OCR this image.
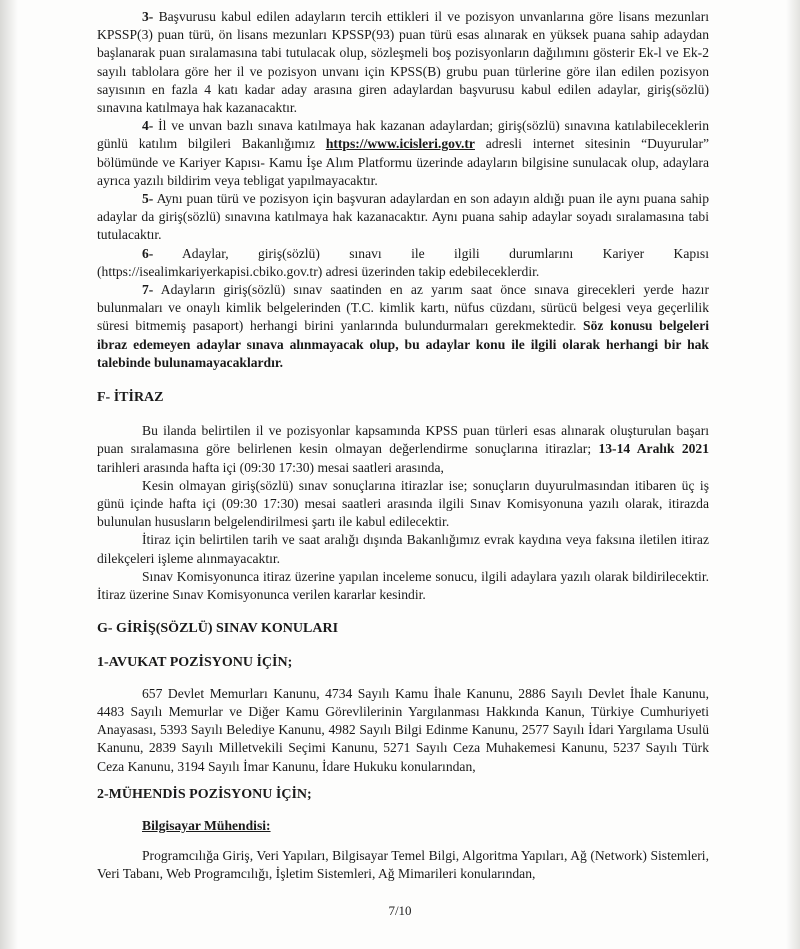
3- Başvurusu kabul edilen adayların tercih ettikleri il ve pozisyon unvanlarına göre lisans mezunları KPSSP(3) puan türü, ön lisans mezunları KPSSP(93) puan türü esas alınarak en yüksek puana sahip adaydan başlanarak puan sıralamasına tabi tutulacak olup, sözleşmeli boş pozisyonların dağılımını gösterir Ek-l ve Ek-2 sayılı tablolara göre her il ve pozisyon unvanı için KPSS(B) grubu puan türlerine göre ilan edilen pozisyon sayısının en fazla 4 katı kadar aday arasına giren adaylardan başvurusu kabul edilen adaylar, giriş(sözlü) sınavına katılmaya hak kazanacaktır.

4- İl ve unvan bazlı sınava katılmaya hak kazanan adaylardan; giriş(sözlü) sınavına katılabileceklerin günlü katılım bilgileri Bakanlığımız https://www.icisleri.gov.tr adresli internet sitesinin “Duyurular” bölümünde ve Kariyer Kapısı- Kamu İşe Alım Platformu üzerinde adayların bilgisine sunulacak olup, adaylara ayrıca yazılı bildirim veya tebligat yapılmayacaktır.

5- Aynı puan türü ve pozisyon için başvuran adaylardan en son adayın aldığı puan ile aynı puana sahip adaylar da giriş(sözlü) sınavına katılmaya hak kazanacaktır. Aynı puana sahip adaylar soyadı sıralamasına tabi tutulacaktır.

6- Adaylar, giriş(sözlü) sınavı ile ilgili durumlarını Kariyer Kapısı (https://isealimkariyerkapisi.cbiko.gov.tr) adresi üzerinden takip edebileceklerdir.

7- Adayların giriş(sözlü) sınav saatinden en az yarım saat önce sınava girecekleri yerde hazır bulunmaları ve onaylı kimlik belgelerinden (T.C. kimlik kartı, nüfus cüzdanı, sürücü belgesi veya geçerlilik süresi bitmemiş pasaport) herhangi birini yanlarında bulundurmaları gerekmektedir. Söz konusu belgeleri ibraz edemeyen adaylar sınava alınmayacak olup, bu adaylar konu ile ilgili olarak herhangi bir hak talebinde bulunamayacaklardır.

F- İTİRAZ

Bu ilanda belirtilen il ve pozisyonlar kapsamında KPSS puan türleri esas alınarak oluşturulan başarı puan sıralamasına göre belirlenen kesin olmayan değerlendirme sonuçlarına itirazlar; 13-14 Aralık 2021 tarihleri arasında hafta içi (09:30 17:30) mesai saatleri arasında,

Kesin olmayan giriş(sözlü) sınav sonuçlarına itirazlar ise; sonuçların duyurulmasından itibaren üç iş günü içinde hafta içi (09:30 17:30) mesai saatleri arasında ilgili Sınav Komisyonuna yazılı olarak, itirazda bulunulan hususların belgelendirilmesi şartı ile kabul edilecektir.

İtiraz için belirtilen tarih ve saat aralığı dışında Bakanlığımız evrak kaydına veya faksına iletilen itiraz dilekçeleri işleme alınmayacaktır.

Sınav Komisyonunca itiraz üzerine yapılan inceleme sonucu, ilgili adaylara yazılı olarak bildirilecektir. İtiraz üzerine Sınav Komisyonunca verilen kararlar kesindir.

G- GİRİŞ(SÖZLÜ) SINAV KONULARI
1-AVUKAT POZİSYONU İÇİN;

657 Devlet Memurları Kanunu, 4734 Sayılı Kamu İhale Kanunu, 2886 Sayılı Devlet İhale Kanunu, 4483 Sayılı Memurlar ve Diğer Kamu Görevlilerinin Yargılanması Hakkında Kanun, Türkiye Cumhuriyeti Anayasası, 5393 Sayılı Belediye Kanunu, 4982 Sayılı Bilgi Edinme Kanunu, 2577 Sayılı İdari Yargılama Usulü Kanunu, 2839 Sayılı Milletvekili Seçimi Kanunu, 5271 Sayılı Ceza Muhakemesi Kanunu, 5237 Sayılı Türk Ceza Kanunu, 3194 Sayılı İmar Kanunu, İdare Hukuku konularından,

2-MÜHENDİS POZİSYONU İÇİN;
Bilgisayar Mühendisi:

Programcılığa Giriş, Veri Yapıları, Bilgisayar Temel Bilgi, Algoritma Yapıları, Ağ (Network) Sistemleri, Veri Tabanı, Web Programcılığı, İşletim Sistemleri, Ağ Mimarileri konularından,

7/10
